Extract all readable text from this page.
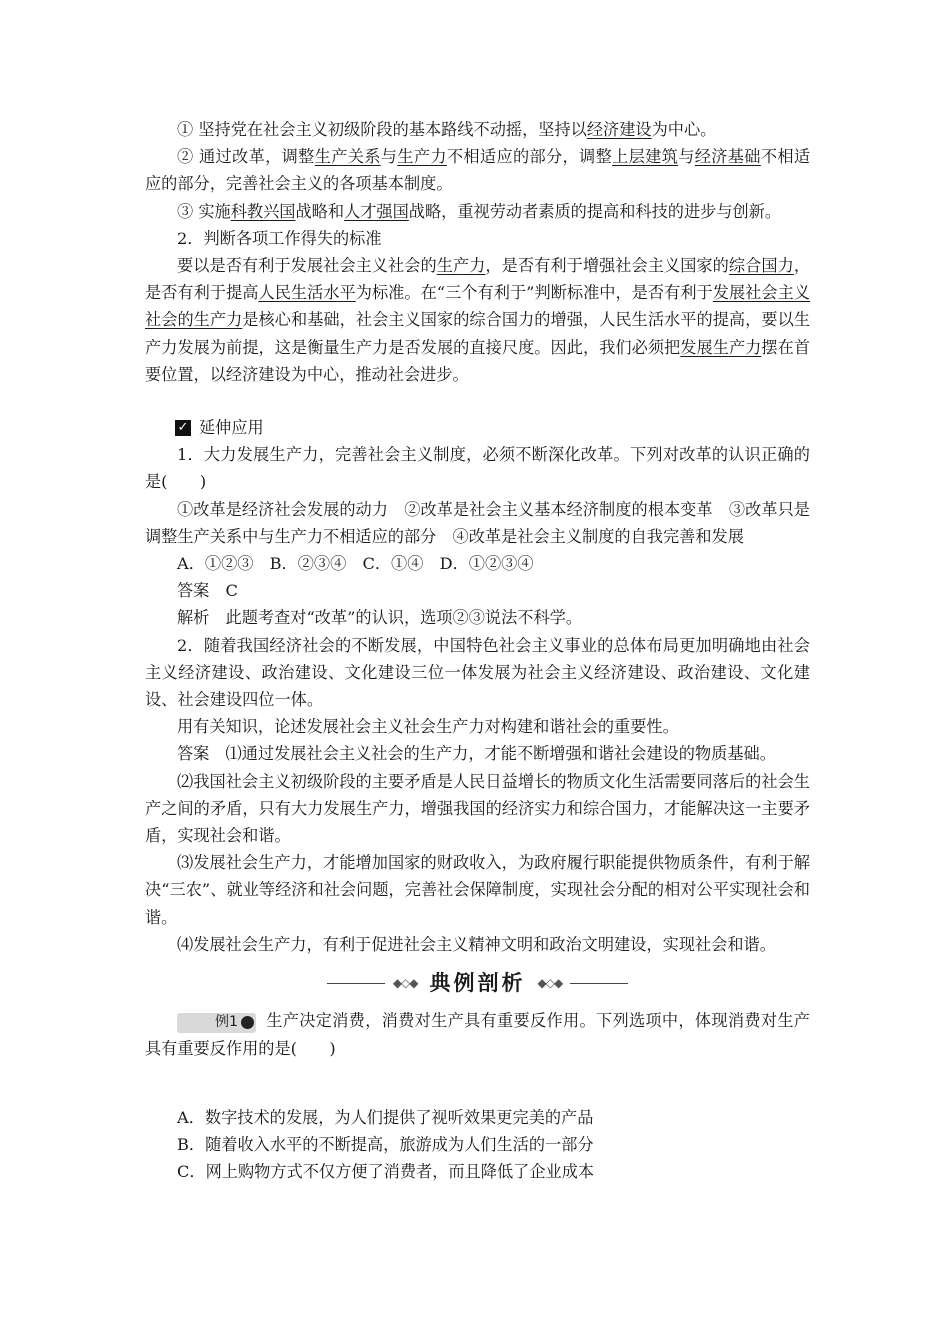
① 坚持党在社会主义初级阶段的基本路线不动摇，坚持以经济建设为中心。

② 通过改革，调整生产关系与生产力不相适应的部分，调整上层建筑与经济基础不相适应的部分，完善社会主义的各项基本制度。

③ 实施科教兴国战略和人才强国战略，重视劳动者素质的提高和科技的进步与创新。

2．判断各项工作得失的标准

要以是否有利于发展社会主义社会的生产力，是否有利于增强社会主义国家的综合国力，是否有利于提高人民生活水平为标准。在“三个有利于”判断标准中，是否有利于发展社会主义社会的生产力是核心和基础，社会主义国家的综合国力的增强，人民生活水平的提高，要以生产力发展为前提，这是衡量生产力是否发展的直接尺度。因此，我们必须把发展生产力摆在首要位置，以经济建设为中心，推动社会进步。

✓ 延伸应用

1．大力发展生产力，完善社会主义制度，必须不断深化改革。下列对改革的认识正确的是(　　)

①改革是经济社会发展的动力　②改革是社会主义基本经济制度的根本变革　③改革只是调整生产关系中与生产力不相适应的部分　④改革是社会主义制度的自我完善和发展

A．①②③　B．②③④　C．①④　D．①②③④

答案　C

解析　此题考查对“改革”的认识，选项②③说法不科学。

2．随着我国经济社会的不断发展，中国特色社会主义事业的总体布局更加明确地由社会主义经济建设、政治建设、文化建设三位一体发展为社会主义经济建设、政治建设、文化建设、社会建设四位一体。

用有关知识，论述发展社会主义社会生产力对构建和谐社会的重要性。

答案　⑴通过发展社会主义社会的生产力，才能不断增强和谐社会建设的物质基础。

⑵我国社会主义初级阶段的主要矛盾是人民日益增长的物质文化生活需要同落后的社会生产之间的矛盾，只有大力发展生产力，增强我国的经济实力和综合国力，才能解决这一主要矛盾，实现社会和谐。

⑶发展社会生产力，才能增加国家的财政收入，为政府履行职能提供物质条件，有利于解决“三农”、就业等经济和社会问题，完善社会保障制度，实现社会分配的相对公平实现社会和谐。

⑷发展社会生产力，有利于促进社会主义精神文明和政治文明建设，实现社会和谐。

◆◇◆ 典例剖析 ◆◇◆

例1	▶ 生产决定消费，消费对生产具有重要反作用。下列选项中，体现消费对生产具有重要反作用的是(　　)

A．数字技术的发展，为人们提供了视听效果更完美的产品

B．随着收入水平的不断提高，旅游成为人们生活的一部分

C．网上购物方式不仅方便了消费者，而且降低了企业成本
